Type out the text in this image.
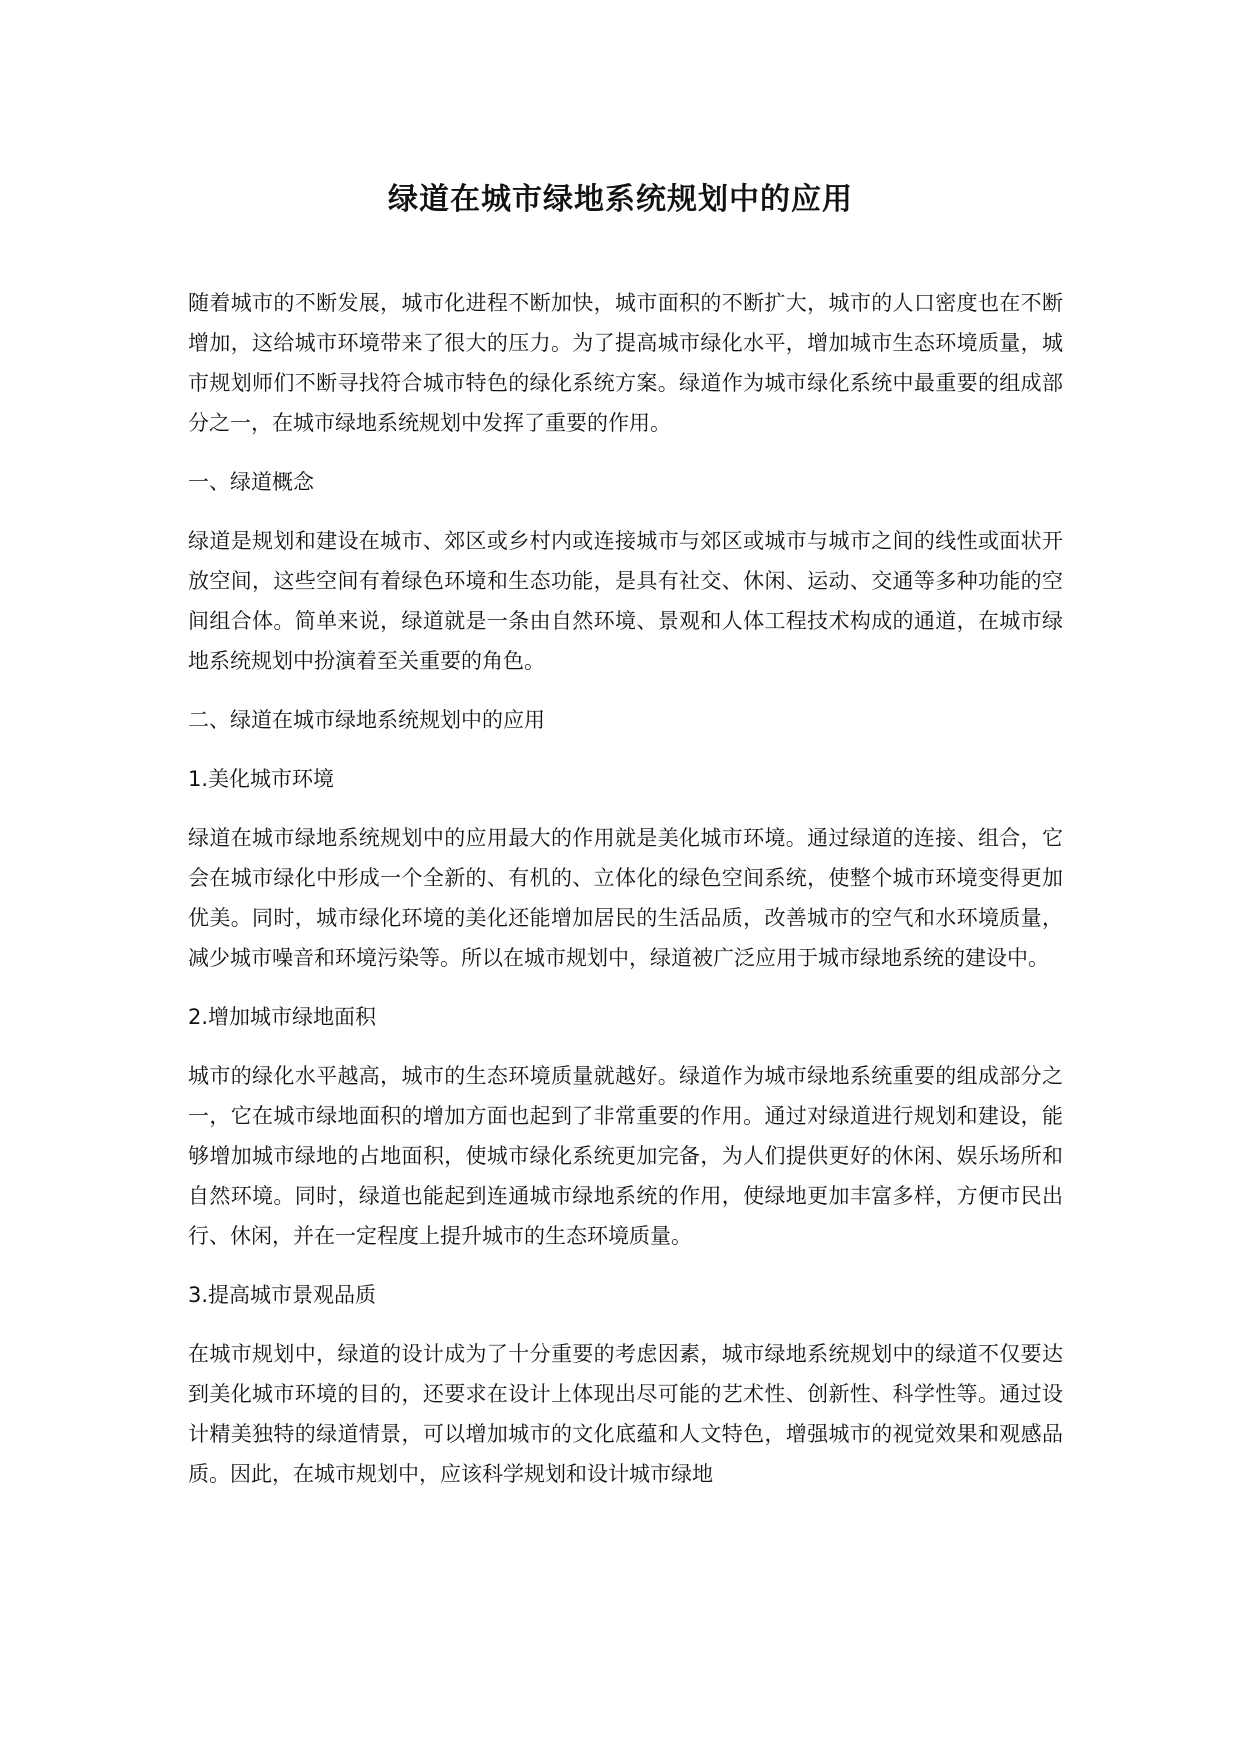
绿道在城市绿地系统规划中的应用

随着城市的不断发展，城市化进程不断加快，城市面积的不断扩大，城市的人口密度也在不断增加，这给城市环境带来了很大的压力。为了提高城市绿化水平，增加城市生态环境质量，城市规划师们不断寻找符合城市特色的绿化系统方案。绿道作为城市绿化系统中最重要的组成部分之一，在城市绿地系统规划中发挥了重要的作用。

一、绿道概念

绿道是规划和建设在城市、郊区或乡村内或连接城市与郊区或城市与城市之间的线性或面状开放空间，这些空间有着绿色环境和生态功能，是具有社交、休闲、运动、交通等多种功能的空间组合体。简单来说，绿道就是一条由自然环境、景观和人体工程技术构成的通道，在城市绿地系统规划中扮演着至关重要的角色。

二、绿道在城市绿地系统规划中的应用

1.美化城市环境

绿道在城市绿地系统规划中的应用最大的作用就是美化城市环境。通过绿道的连接、组合，它会在城市绿化中形成一个全新的、有机的、立体化的绿色空间系统，使整个城市环境变得更加优美。同时，城市绿化环境的美化还能增加居民的生活品质，改善城市的空气和水环境质量，减少城市噪音和环境污染等。所以在城市规划中，绿道被广泛应用于城市绿地系统的建设中。

2.增加城市绿地面积

城市的绿化水平越高，城市的生态环境质量就越好。绿道作为城市绿地系统重要的组成部分之一，它在城市绿地面积的增加方面也起到了非常重要的作用。通过对绿道进行规划和建设，能够增加城市绿地的占地面积，使城市绿化系统更加完备，为人们提供更好的休闲、娱乐场所和自然环境。同时，绿道也能起到连通城市绿地系统的作用，使绿地更加丰富多样，方便市民出行、休闲，并在一定程度上提升城市的生态环境质量。

3.提高城市景观品质

在城市规划中，绿道的设计成为了十分重要的考虑因素，城市绿地系统规划中的绿道不仅要达到美化城市环境的目的，还要求在设计上体现出尽可能的艺术性、创新性、科学性等。通过设计精美独特的绿道情景，可以增加城市的文化底蕴和人文特色，增强城市的视觉效果和观感品质。因此，在城市规划中，应该科学规划和设计城市绿地
